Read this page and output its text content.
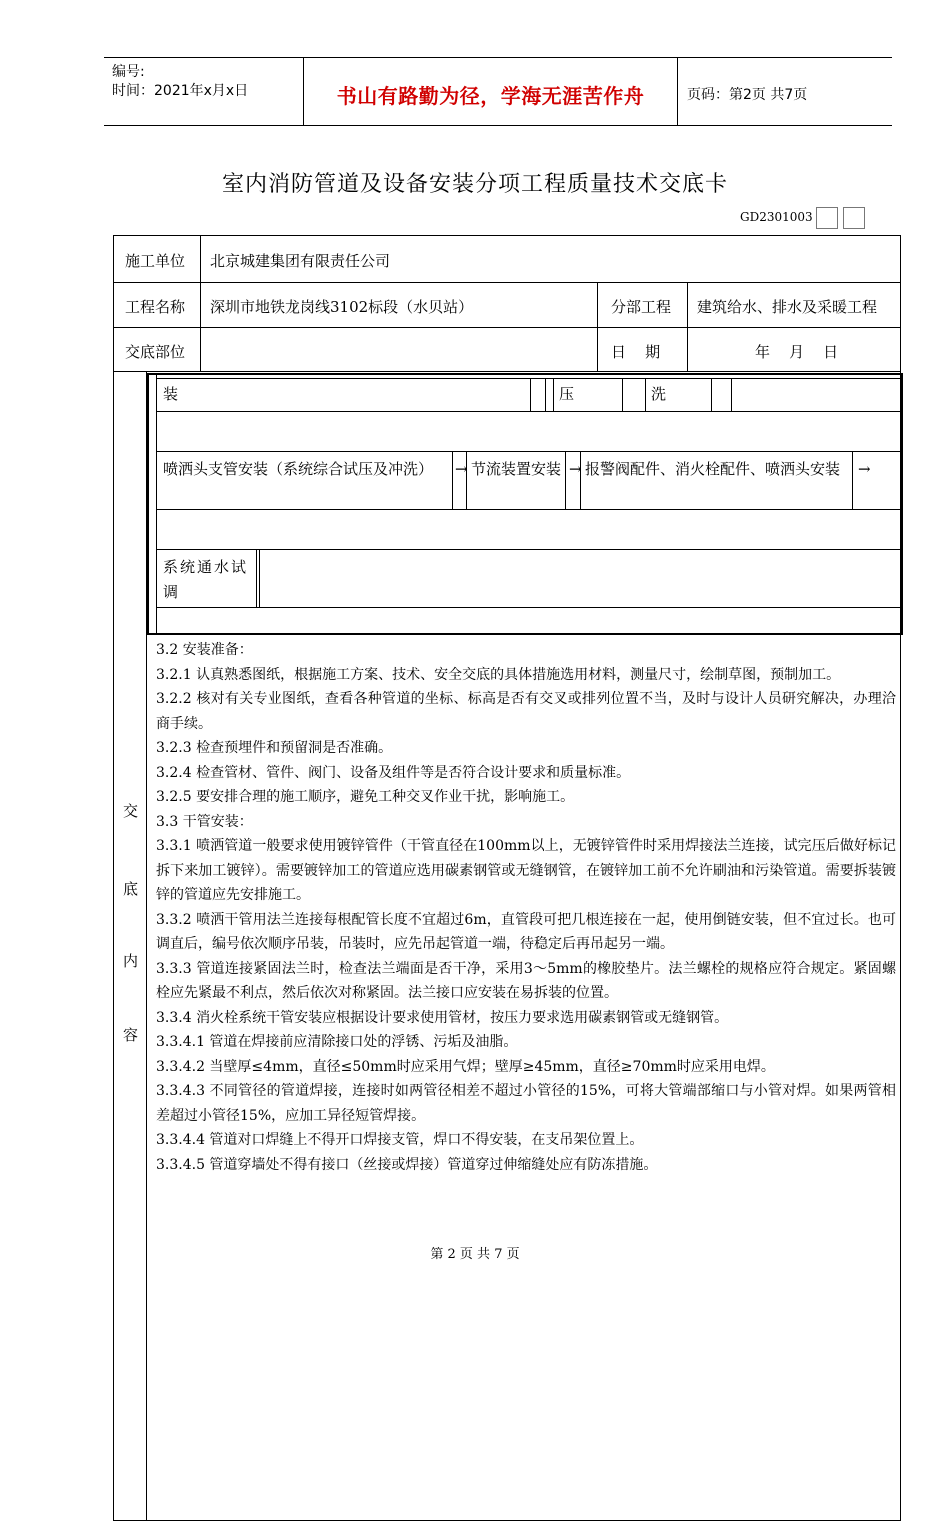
编号:
时间：2021年x月x日	书山有路勤为径，学海无涯苦作舟	页码：第2页 共7页
室内消防管道及设备安装分项工程质量技术交底卡
GD2301003
施工单位 北京城建集团有限责任公司
工程名称 深圳市地铁龙岗线3102标段（水贝站）	分部工程 建筑给水、排水及采暖工程
交底部位	日    期	年    月    日
交
底
内
容
装	压	洗
喷洒头支管安装（系统综合试压及冲洗）	→ 节流装置安装 → 报警阀配件、消火栓配件、喷洒头安装	→
系统通水试调

3.2 安装准备：

3.2.1 认真熟悉图纸，根据施工方案、技术、安全交底的具体措施选用材料，测量尺寸，绘制草图，预制加工。

3.2.2 核对有关专业图纸，查看各种管道的坐标、标高是否有交叉或排列位置不当，及时与设计人员研究解决，办理洽商手续。

3.2.3 检查预埋件和预留洞是否准确。

3.2.4 检查管材、管件、阀门、设备及组件等是否符合设计要求和质量标准。

3.2.5 要安排合理的施工顺序，避免工种交叉作业干扰，影响施工。

3.3 干管安装：

3.3.1 喷洒管道一般要求使用镀锌管件（干管直径在100mm以上，无镀锌管件时采用焊接法兰连接，试完压后做好标记拆下来加工镀锌）。需要镀锌加工的管道应选用碳素钢管或无缝钢管，在镀锌加工前不允许刷油和污染管道。需要拆装镀锌的管道应先安排施工。

3.3.2 喷洒干管用法兰连接每根配管长度不宜超过6m，直管段可把几根连接在一起，使用倒链安装，但不宜过长。也可调直后，编号依次顺序吊装，吊装时，应先吊起管道一端，待稳定后再吊起另一端。

3.3.3 管道连接紧固法兰时，检查法兰端面是否干净，采用3～5mm的橡胶垫片。法兰螺栓的规格应符合规定。紧固螺栓应先紧最不利点，然后依次对称紧固。法兰接口应安装在易拆装的位置。

3.3.4 消火栓系统干管安装应根据设计要求使用管材，按压力要求选用碳素钢管或无缝钢管。

3.3.4.1 管道在焊接前应清除接口处的浮锈、污垢及油脂。

3.3.4.2 当壁厚≤4mm，直径≤50mm时应采用气焊；壁厚≥45mm，直径≥70mm时应采用电焊。

3.3.4.3 不同管径的管道焊接，连接时如两管径相差不超过小管径的15%，可将大管端部缩口与小管对焊。如果两管相差超过小管径15%，应加工异径短管焊接。

3.3.4.4 管道对口焊缝上不得开口焊接支管，焊口不得安装，在支吊架位置上。

3.3.4.5 管道穿墙处不得有接口（丝接或焊接）管道穿过伸缩缝处应有防冻措施。

第 2 页 共 7 页
